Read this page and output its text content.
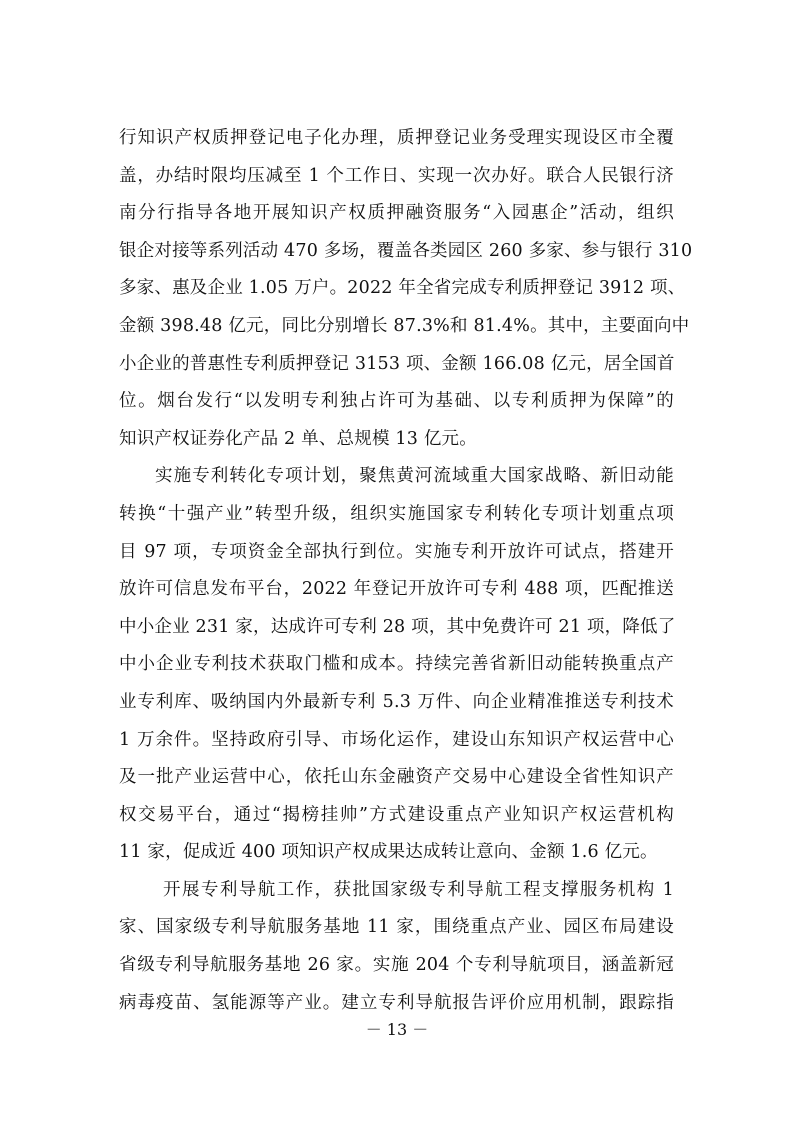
行知识产权质押登记电子化办理，质押登记业务受理实现设区市全覆
盖，办结时限均压减至 1 个工作日、实现一次办好。联合人民银行济
南分行指导各地开展知识产权质押融资服务“入园惠企”活动，组织
银企对接等系列活动 470 多场，覆盖各类园区 260 多家、参与银行 310
多家、惠及企业 1.05 万户。2022 年全省完成专利质押登记 3912 项、
金额 398.48 亿元，同比分别增长 87.3%和 81.4%。其中，主要面向中
小企业的普惠性专利质押登记 3153 项、金额 166.08 亿元，居全国首
位。烟台发行“以发明专利独占许可为基础、以专利质押为保障”的
知识产权证券化产品 2 单、总规模 13 亿元。
实施专利转化专项计划，聚焦黄河流域重大国家战略、新旧动能
转换“十强产业”转型升级，组织实施国家专利转化专项计划重点项
目 97 项，专项资金全部执行到位。实施专利开放许可试点，搭建开
放许可信息发布平台，2022 年登记开放许可专利 488 项，匹配推送
中小企业 231 家，达成许可专利 28 项，其中免费许可 21 项，降低了
中小企业专利技术获取门槛和成本。持续完善省新旧动能转换重点产
业专利库、吸纳国内外最新专利 5.3 万件、向企业精准推送专利技术
1 万余件。坚持政府引导、市场化运作，建设山东知识产权运营中心
及一批产业运营中心，依托山东金融资产交易中心建设全省性知识产
权交易平台，通过“揭榜挂帅”方式建设重点产业知识产权运营机构
11 家，促成近 400 项知识产权成果达成转让意向、金额 1.6 亿元。
开展专利导航工作，获批国家级专利导航工程支撑服务机构 1
家、国家级专利导航服务基地 11 家，围绕重点产业、园区布局建设
省级专利导航服务基地 26 家。实施 204 个专利导航项目，涵盖新冠
病毒疫苗、氢能源等产业。建立专利导航报告评价应用机制，跟踪指
－ 13 －
